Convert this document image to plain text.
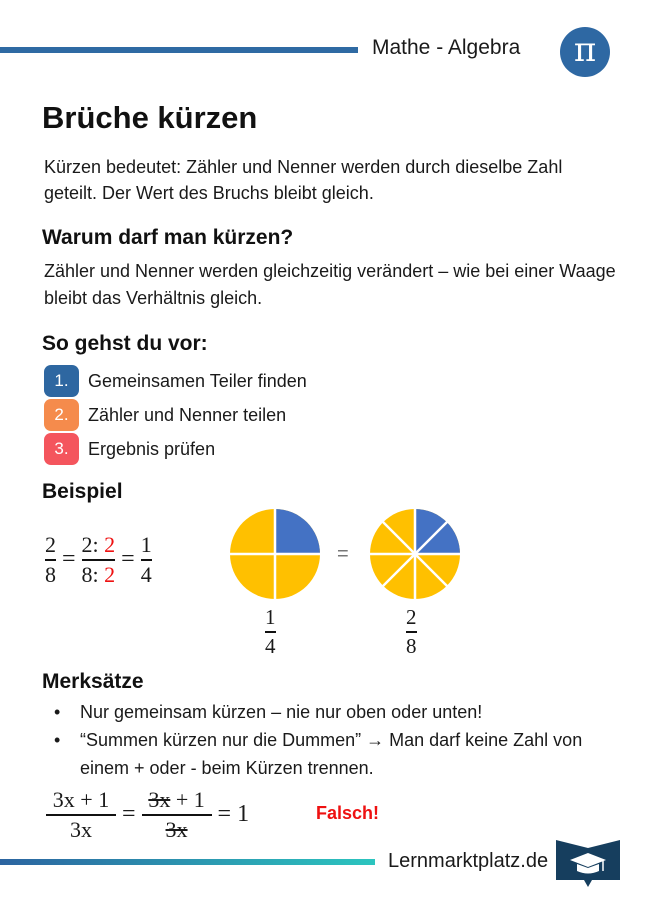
Mathe - Algebra π
Brüche kürzen

Kürzen bedeutet: Zähler und Nenner werden durch dieselbe Zahl geteilt. Der Wert des Bruchs bleibt gleich.

Warum darf man kürzen?

Zähler und Nenner werden gleichzeitig verändert – wie bei einer Waage bleibt das Verhältnis gleich.

So gehst du vor:
1.	Gemeinsamen Teiler finden
2.	Zähler und Nenner teilen
3.	Ergebnis prüfen
Beispiel
$\frac{2}{8} = \frac{2: 2}{8: 2} = \frac{1}{4}$
$\frac{1}{4}$
=
$\frac{2}{8}$
Merksätze
• Nur gemeinsam kürzen – nie nur oben oder unten!
• “Summen kürzen nur die Dummen” → Man darf keine Zahl von einem + oder - beim Kürzen trennen.
$\frac{3x + 1}{3x} = \frac{3x + 1}{3x} = 1$	Falsch!
Lernmarktplatz.de
